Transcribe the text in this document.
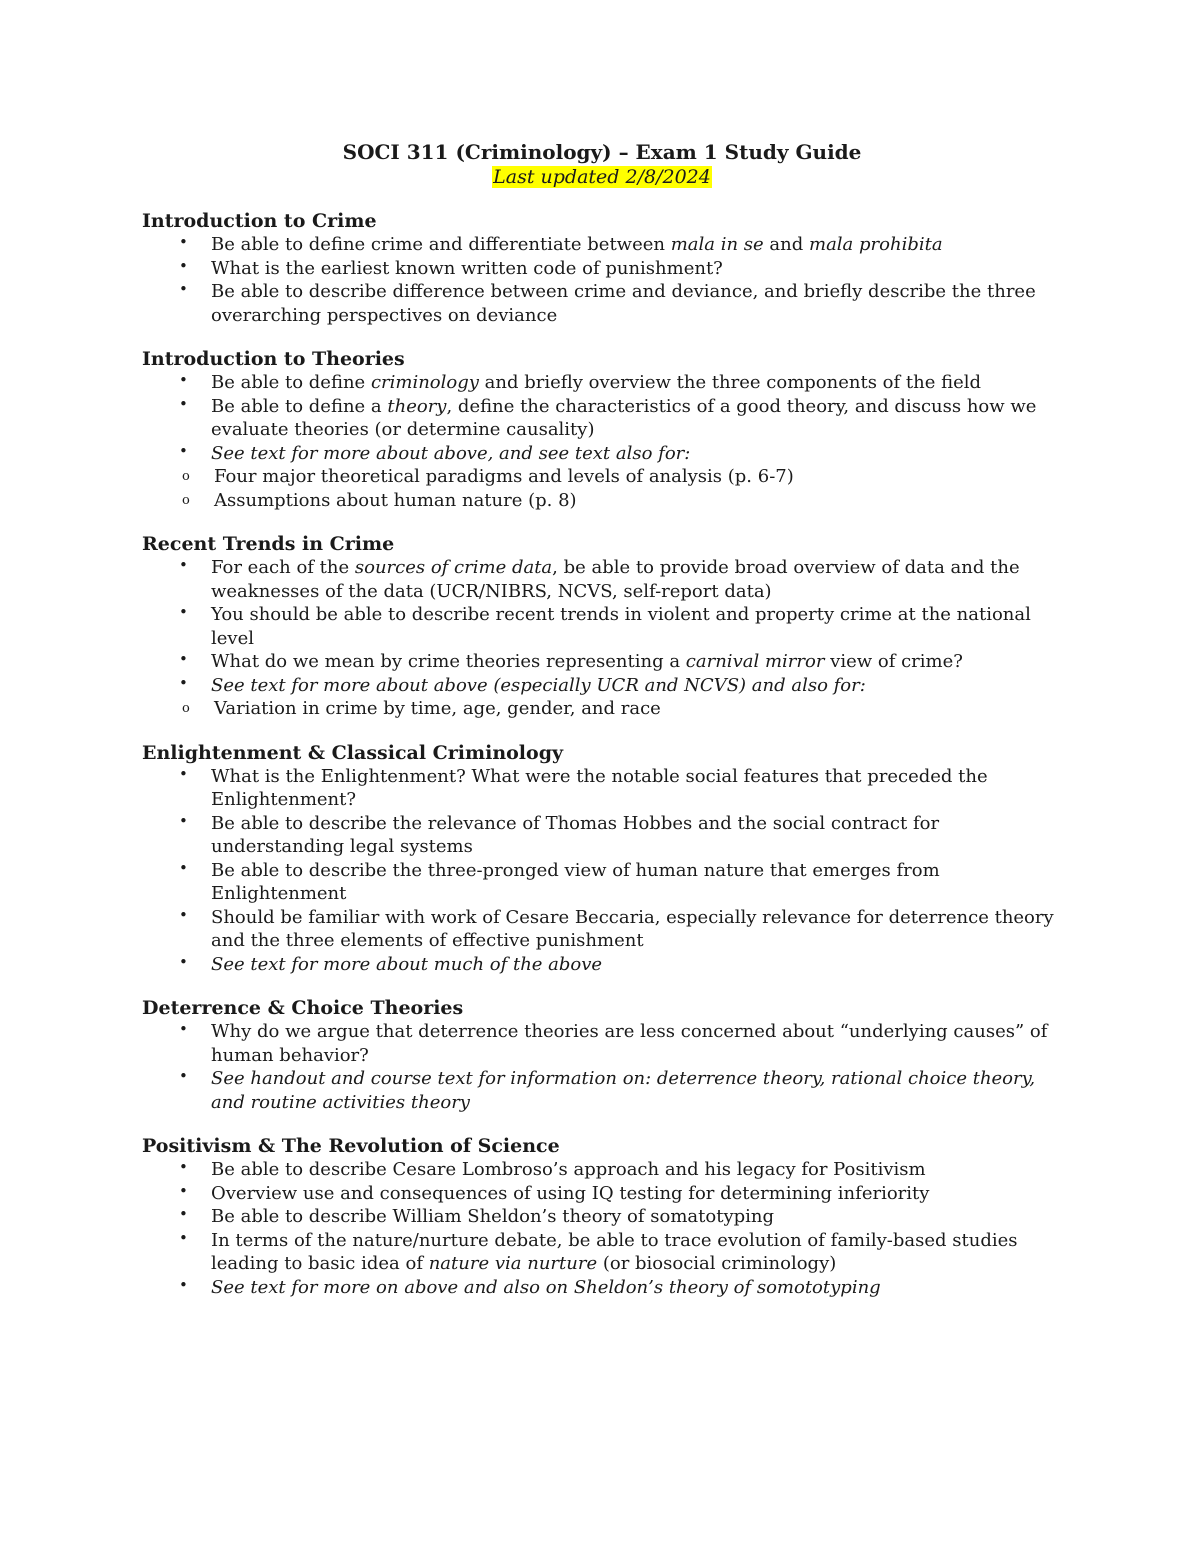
SOCI 311 (Criminology) – Exam 1 Study Guide

Last updated 2/8/2024

Introduction to Crime

• Be able to define crime and differentiate between mala in se and mala prohibita
• What is the earliest known written code of punishment?
• Be able to describe difference between crime and deviance, and briefly describe the three overarching perspectives on deviance

Introduction to Theories

• Be able to define criminology and briefly overview the three components of the field
• Be able to define a theory, define the characteristics of a good theory, and discuss how we evaluate theories (or determine causality)
• See text for more about above, and see text also for:
o Four major theoretical paradigms and levels of analysis (p. 6-7)
o Assumptions about human nature (p. 8)

Recent Trends in Crime

• For each of the sources of crime data, be able to provide broad overview of data and the weaknesses of the data (UCR/NIBRS, NCVS, self-report data)
• You should be able to describe recent trends in violent and property crime at the national level
• What do we mean by crime theories representing a carnival mirror view of crime?
• See text for more about above (especially UCR and NCVS) and also for:
o Variation in crime by time, age, gender, and race

Enlightenment & Classical Criminology

• What is the Enlightenment? What were the notable social features that preceded the Enlightenment?
• Be able to describe the relevance of Thomas Hobbes and the social contract for understanding legal systems
• Be able to describe the three-pronged view of human nature that emerges from Enlightenment
• Should be familiar with work of Cesare Beccaria, especially relevance for deterrence theory and the three elements of effective punishment
• See text for more about much of the above

Deterrence & Choice Theories

• Why do we argue that deterrence theories are less concerned about “underlying causes” of human behavior?
• See handout and course text for information on: deterrence theory, rational choice theory, and routine activities theory

Positivism & The Revolution of Science

• Be able to describe Cesare Lombroso’s approach and his legacy for Positivism
• Overview use and consequences of using IQ testing for determining inferiority
• Be able to describe William Sheldon’s theory of somatotyping
• In terms of the nature/nurture debate, be able to trace evolution of family-based studies leading to basic idea of nature via nurture (or biosocial criminology)
• See text for more on above and also on Sheldon’s theory of somototyping
